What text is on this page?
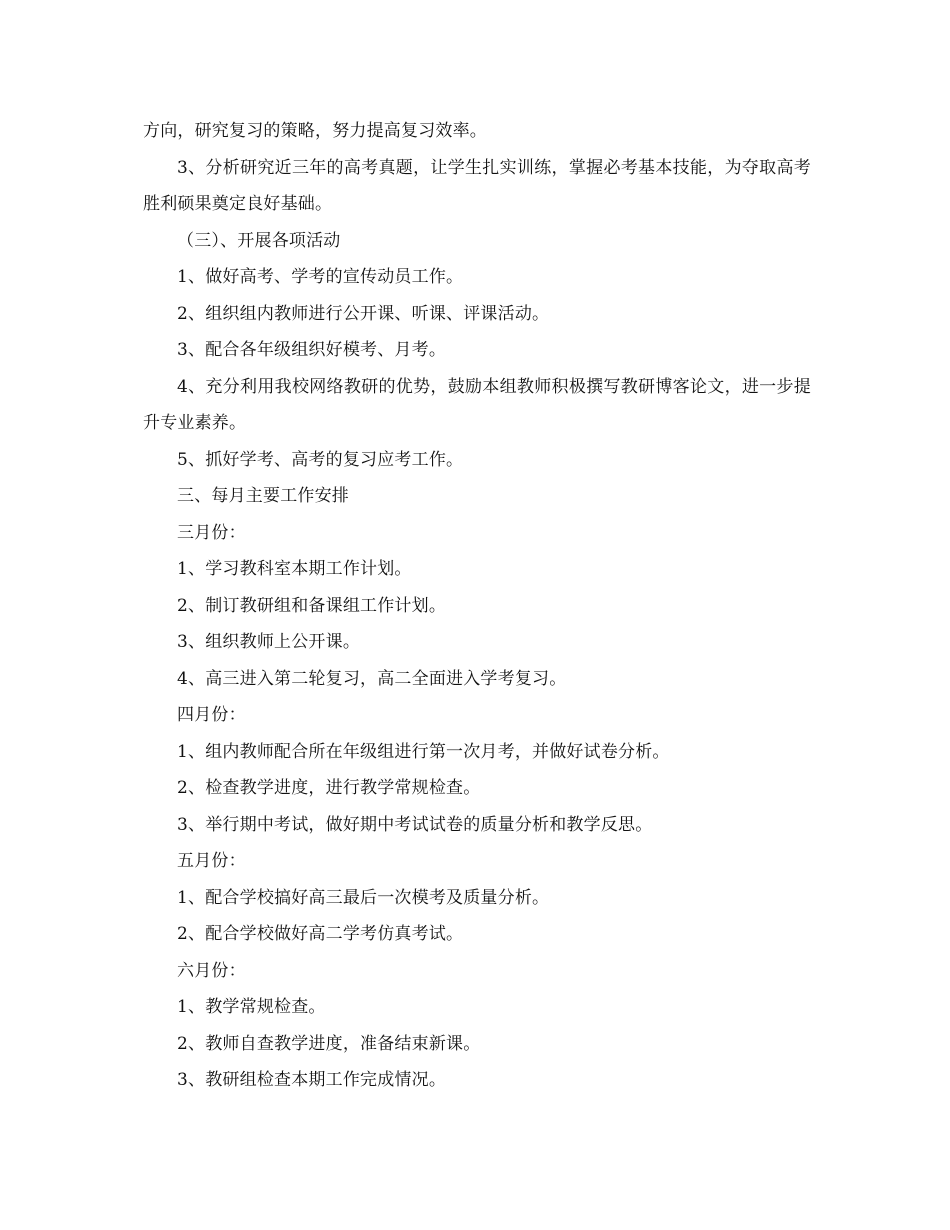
方向，研究复习的策略，努力提高复习效率。
3、分析研究近三年的高考真题，让学生扎实训练，掌握必考基本技能，为夺取高考胜利硕果奠定良好基础。
（三）、开展各项活动
1、做好高考、学考的宣传动员工作。
2、组织组内教师进行公开课、听课、评课活动。
3、配合各年级组织好模考、月考。
4、充分利用我校网络教研的优势，鼓励本组教师积极撰写教研博客论文，进一步提升专业素养。
5、抓好学考、高考的复习应考工作。
三、每月主要工作安排
三月份：
1、学习教科室本期工作计划。
2、制订教研组和备课组工作计划。
3、组织教师上公开课。
4、高三进入第二轮复习，高二全面进入学考复习。
四月份：
1、组内教师配合所在年级组进行第一次月考，并做好试卷分析。
2、检查教学进度，进行教学常规检查。
3、举行期中考试，做好期中考试试卷的质量分析和教学反思。
五月份：
1、配合学校搞好高三最后一次模考及质量分析。
2、配合学校做好高二学考仿真考试。
六月份：
1、教学常规检查。
2、教师自查教学进度，准备结束新课。
3、教研组检查本期工作完成情况。
